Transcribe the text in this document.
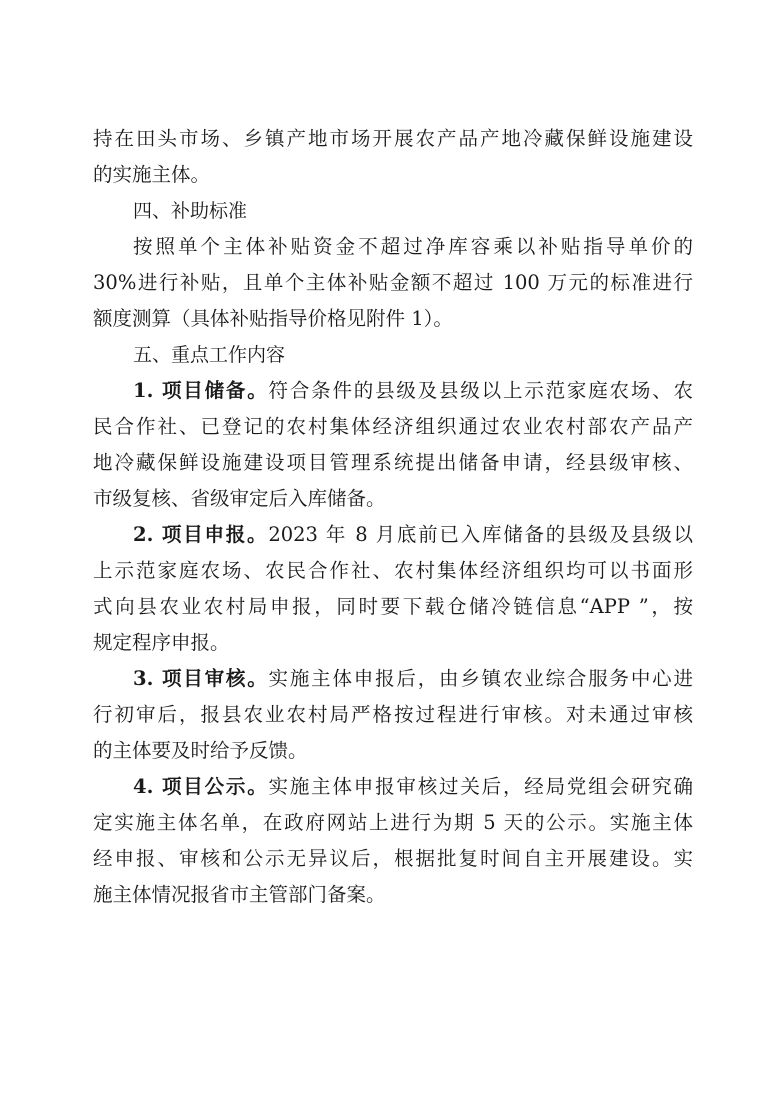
持在田头市场、乡镇产地市场开展农产品产地冷藏保鲜设施建设
的实施主体。
四、补助标准
按照单个主体补贴资金不超过净库容乘以补贴指导单价的
30%进行补贴，且单个主体补贴金额不超过 100 万元的标准进行
额度测算（具体补贴指导价格见附件 1）。
五、重点工作内容
1. 项目储备。符合条件的县级及县级以上示范家庭农场、农
民合作社、已登记的农村集体经济组织通过农业农村部农产品产
地冷藏保鲜设施建设项目管理系统提出储备申请，经县级审核、
市级复核、省级审定后入库储备。
2. 项目申报。2023 年 8 月底前已入库储备的县级及县级以
上示范家庭农场、农民合作社、农村集体经济组织均可以书面形
式向县农业农村局申报，同时要下载仓储冷链信息“APP ”，按
规定程序申报。
3. 项目审核。实施主体申报后，由乡镇农业综合服务中心进
行初审后，报县农业农村局严格按过程进行审核。对未通过审核
的主体要及时给予反馈。
4. 项目公示。实施主体申报审核过关后，经局党组会研究确
定实施主体名单，在政府网站上进行为期 5 天的公示。实施主体
经申报、审核和公示无异议后，根据批复时间自主开展建设。实
施主体情况报省市主管部门备案。
